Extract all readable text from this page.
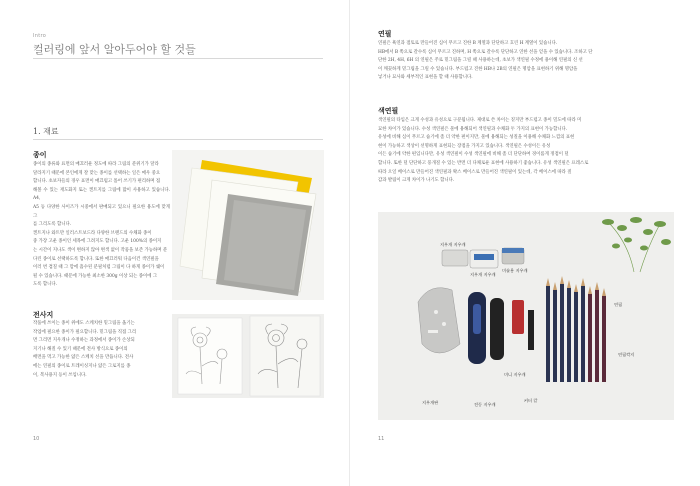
Intro
컬러링에 앞서 알아두어야 할 것들
1. 재료
종이
종이의 종류와 표면의 매끄러운 정도에 따라 그림의 분위기가 달라
달라지기 때문에 본인에게 잘 맞는 종이를 선택하는 일은 매우 중요
합니다. 초보자들의 경우 표면이 매끄럽고 틀어 쓰기가 편리하며 접
해볼 수 있는 재도화지 또는 켄트지를 그림에 많이 사용하고 있습니다. A4,
A5 등 다양한 사이즈가 시중에서 판매되고 있으니 필요한 용도에 맞게 그
를 그리도록 합니다.
켄트지나 와트만 일러스트보드라 다양한 브랜드의 수채화 종이
중 가장 고운 종이인 세목에 그려지도 합니다. 고운 100%의 종이지
는 시간이 지나도 색이 변하지 않아 변색 없이 작품을 보존 가능하며 분
다린 종이로 선택하도록 합니다. 또한 매끄러워 다음이건 색연필을
이러 번 겹칠 때 그 맘에 흡수된 분필처럼 그림이 다 하게 종이가 쉐이
될 수 있습니다. 때문에 가능한 최소한 300g 이상 되는 종이에 그
도록 합니다.
전사지
작품에 쓰이는 종이 위에도 스케치한 밑그림을 옮기는
작업에 필요한 종이가 필요합니다. 밑그림을 직접 그리
면 그리면 지우개나 수정하는 과정에서 종이가 손상되
지기나 해질 수 있기 때문에 전사 방식으로 종이의
배면을 먹고 가능한 얇은 스케치 선을 만듭니다. 전사
에는 연필의 종이로 트레이싱지나 얇은 그로지를 종
이, 복사용지 등이 쓰입니다.
10
연필
연필은 흑연과 점토로 만들어진 심이 무르고 진한 B 계열과 단단하고 흐린 H 계열이 있습니다.
HB에서 B 쪽으로 갈수록 심이 무르고 진하며, H 쪽으로 갈수록 단단하고 연한 선을 얻을 수 있습니다. 조하고 단
단한 2H, 4H, 6H 의 연필은 주로 밑그림을 그릴 때 사용하는데, 초보가 색연필 수정에 용이해 연필의 신 선
이 깨끗하게 밑그림을 그릴 수 있습니다. 부드럽고 진한 HB나 2B의 연필은 명암을 표현하기 위해 명암을
넣거나 묘사와 세부적인 표현을 할 때 사용합니다.
색연필
색연필의 타입은 크게 수성과 유성으로 구분됩니다. 제대로 쓴 차이는 짙지만 부드럽고 종이 밀도에 따라 미
묘한 차이가 있습니다. 수성 색연필은 물에 용해되어 색연필과 수채화 두 가지의 표현이 가능합니다.
유성에 비해 심이 무르고 습기에 좀 더 약한 편이지만, 물에 용해되는 성질을 이용해 수채화 느낌의 표현
현이 가능하고 색상이 선명하게 표현되는 장점을 가지고 있습니다. 색연필은 수성이든 유성
이든 습기에 약한 편입니다만, 유성 색연필이 수성 색연필에 비해 좀 더 단단하여 경이롭게 정점이 덜
합니다. 또한 덜 단단하고 뭉개질 수 있는 반면 더 다채로운 표현에 사용하기 좋습니다. 유성 색연필은 프레스로
따라 오일 베이스로 만들어진 색연필과 왁스 베이스로 만들어진 색연필이 있는데, 각 베이스에 따라 질
감과 발림이 크게 차이가 나기도 합니다.
지우개 지우개
지우개 지우개
미술용 지우개
연필
연필깍지
지우개판	전동 지우개
커터 칼
미니 지우개
11
